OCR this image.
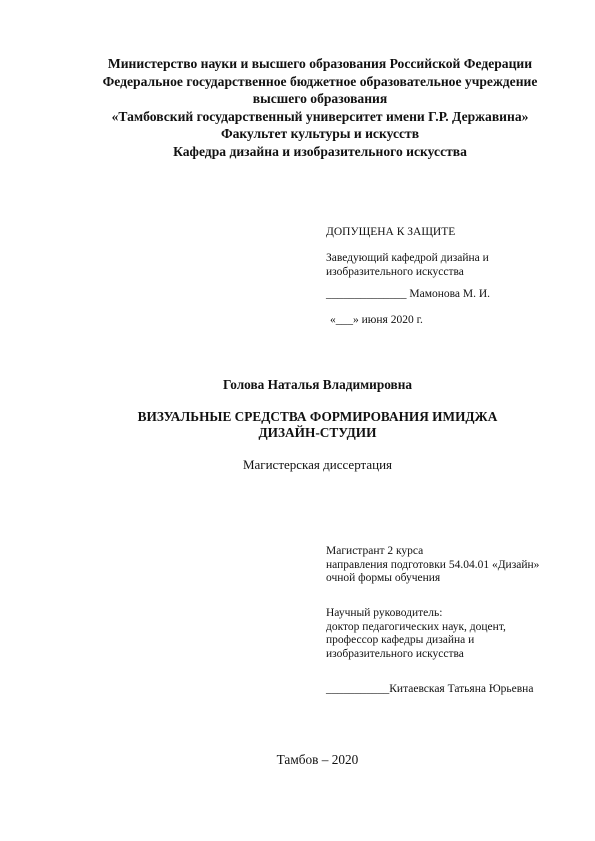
Министерство науки и высшего образования Российской Федерации
Федеральное государственное бюджетное образовательное учреждение
высшего образования
«Тамбовский государственный университет имени Г.Р. Державина»
Факультет культуры и искусств
Кафедра дизайна и изобразительного искусства
ДОПУЩЕНА К ЗАЩИТЕ
Заведующий кафедрой дизайна и
изобразительного искусства
______________ Мамонова М. И.
«___» июня 2020 г.
Голова Наталья Владимировна
ВИЗУАЛЬНЫЕ СРЕДСТВА ФОРМИРОВАНИЯ ИМИДЖА
ДИЗАЙН-СТУДИИ
Магистерская диссертация
Магистрант 2 курса
направления подготовки 54.04.01 «Дизайн»
очной формы обучения
Научный руководитель:
доктор педагогических наук, доцент,
профессор кафедры дизайна и
изобразительного искусства
___________Китаевская Татьяна Юрьевна
Тамбов – 2020
